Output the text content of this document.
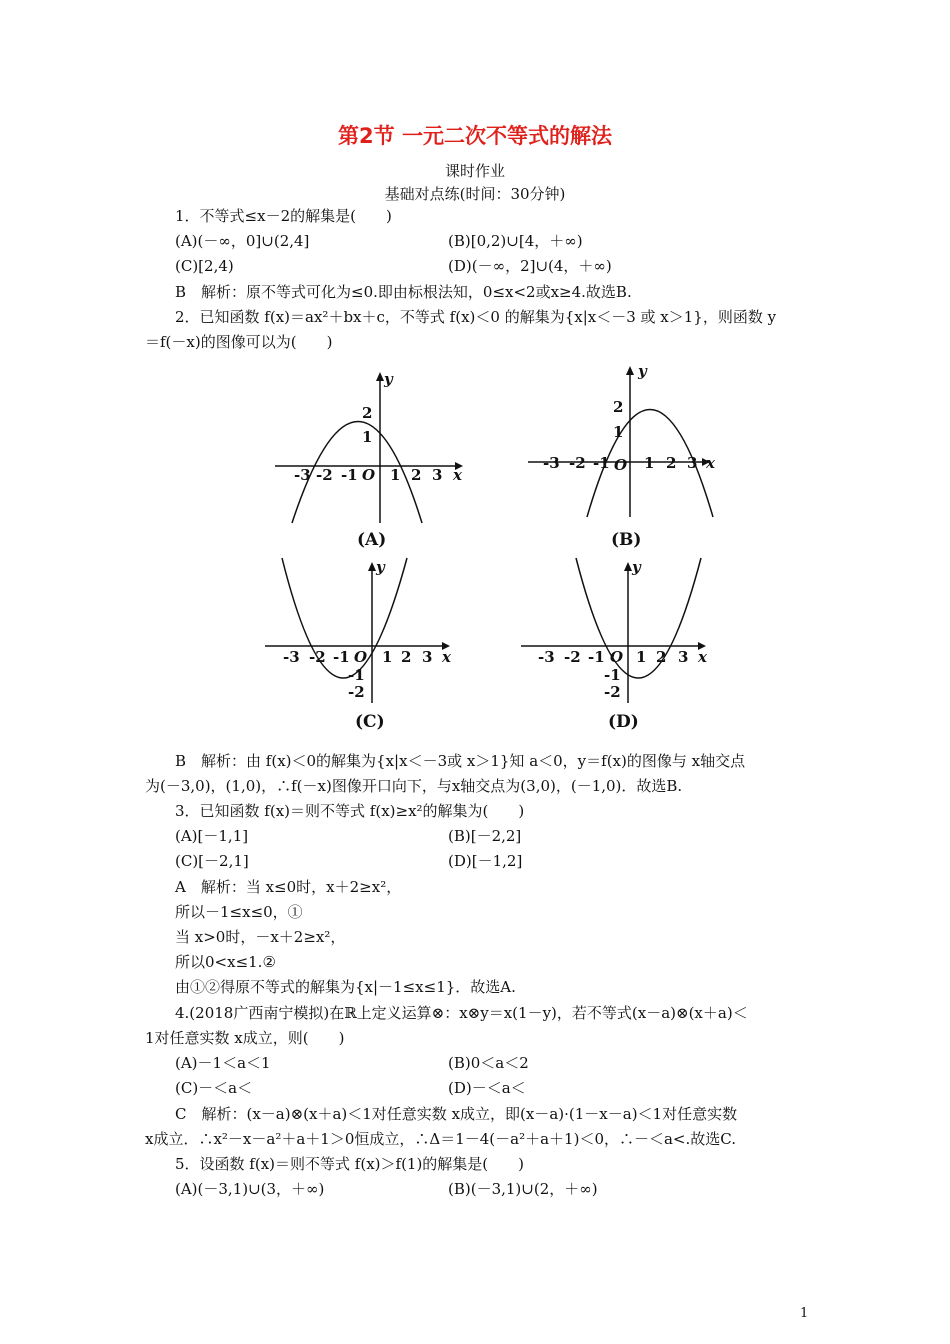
第2节 一元二次不等式的解法
课时作业
基础对点练(时间：30分钟)
1．不等式≤x－2的解集是(　　)
(A)(－∞，0]∪(2,4]	(B)[0,2)∪[4，＋∞)
(C)[2,4)	(D)(－∞，2]∪(4，＋∞)
B　解析：原不等式可化为≤0.即由标根法知，0≤x<2或x≥4.故选B.
2．已知函数 f(x)＝ax²＋bx＋c，不等式 f(x)＜0 的解集为{x|x＜－3 或 x＞1}，则函数 y
＝f(－x)的图像可以为(　　)
y
2
1
-3 -2 -1 O 1 2 3 x
(A)
y
2
1
-3 -2 -1 O 1 2 3 x
(B)
y
-3 -2 -1 O 1 2 3 x
-1
-2
(C)
y
-3 -2 -1 O 1 2 3 x
-1
-2
(D)
B　解析：由 f(x)＜0的解集为{x|x＜－3或 x＞1}知 a＜0，y＝f(x)的图像与 x轴交点
为(－3,0)，(1,0)，∴f(－x)图像开口向下，与x轴交点为(3,0)，(－1,0)．故选B.
3．已知函数 f(x)＝则不等式 f(x)≥x²的解集为(　　)
(A)[－1,1]	(B)[－2,2]
(C)[－2,1]	(D)[－1,2]
A　解析：当 x≤0时，x＋2≥x²，
所以－1≤x≤0，①
当 x>0时，－x＋2≥x²，
所以0<x≤1.②
由①②得原不等式的解集为{x|－1≤x≤1}．故选A.
4.(2018广西南宁模拟)在ℝ上定义运算⊗：x⊗y＝x(1－y)，若不等式(x－a)⊗(x＋a)＜
1对任意实数 x成立，则(　　)
(A)－1＜a＜1	(B)0＜a＜2
(C)－＜a＜	(D)－＜a＜
C　解析：(x－a)⊗(x＋a)＜1对任意实数 x成立，即(x－a)·(1－x－a)＜1对任意实数
x成立．∴x²－x－a²＋a＋1＞0恒成立，∴Δ＝1－4(－a²＋a＋1)＜0，∴－＜a<.故选C.
5．设函数 f(x)＝则不等式 f(x)＞f(1)的解集是(　　)
(A)(－3,1)∪(3，＋∞)	(B)(－3,1)∪(2，＋∞)
1
